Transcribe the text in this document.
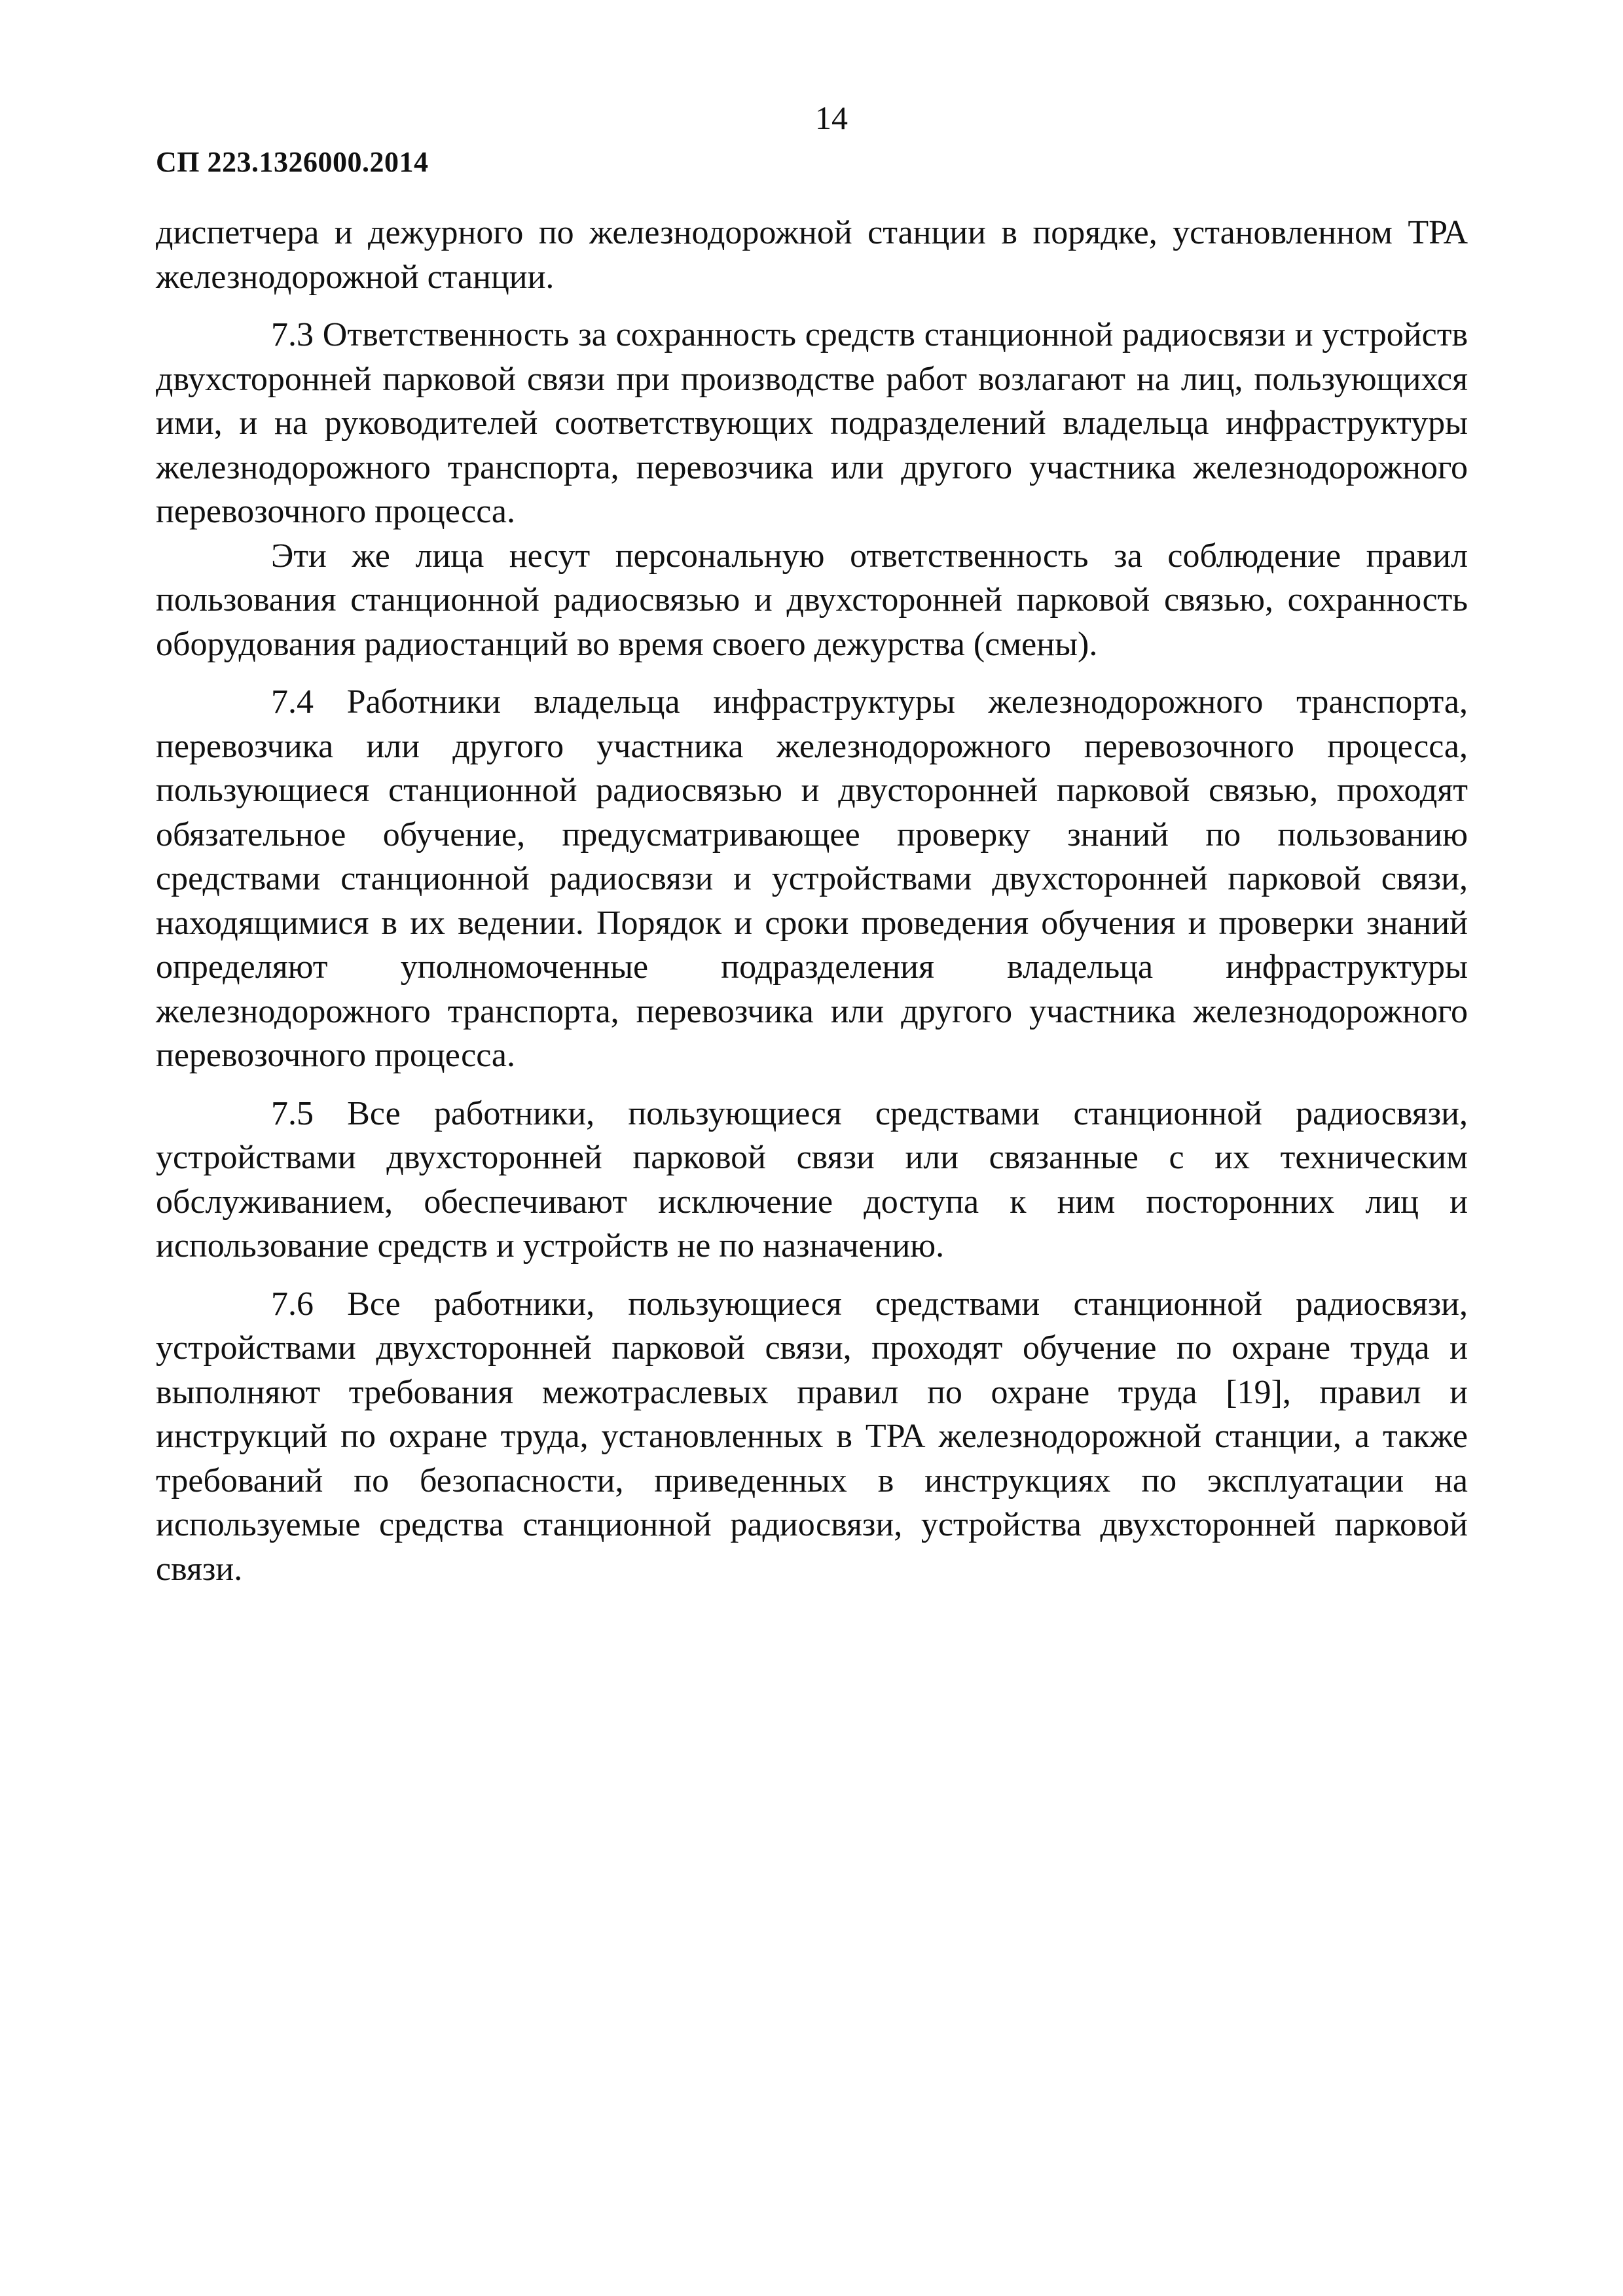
14
СП 223.1326000.2014

диспетчера и дежурного по железнодорожной станции в порядке, установленном ТРА железнодорожной станции.

7.3 Ответственность за сохранность средств станционной радиосвязи и устройств двухсторонней парковой связи при производстве работ возлагают на лиц, пользующихся ими, и на руководителей соответствующих подразделений владельца инфраструктуры железнодорожного транспорта, перевозчика или другого участника железнодорожного перевозочного процесса.

Эти же лица несут персональную ответственность за соблюдение правил пользования станционной радиосвязью и двухсторонней парковой связью, сохранность оборудования радиостанций во время своего дежурства (смены).

7.4 Работники владельца инфраструктуры железнодорожного транспорта, перевозчика или другого участника железнодорожного перевозочного процесса, пользующиеся станционной радиосвязью и двусторонней парковой связью, проходят обязательное обучение, предусматривающее проверку знаний по пользованию средствами станционной радиосвязи и устройствами двухсторонней парковой связи, находящимися в их ведении. Порядок и сроки проведения обучения и проверки знаний определяют уполномоченные подразделения владельца инфраструктуры железнодорожного транспорта, перевозчика или другого участника железнодорожного перевозочного процесса.

7.5 Все работники, пользующиеся средствами станционной радиосвязи, устройствами двухсторонней парковой связи или связанные с их техническим обслуживанием, обеспечивают исключение доступа к ним посторонних лиц и использование средств и устройств не по назначению.

7.6 Все работники, пользующиеся средствами станционной радиосвязи, устройствами двухсторонней парковой связи, проходят обучение по охране труда и выполняют требования межотраслевых правил по охране труда [19], правил и инструкций по охране труда, установленных в ТРА железнодорожной станции, а также требований по безопасности, приведенных в инструкциях по эксплуатации на используемые средства станционной радиосвязи, устройства двухсторонней парковой связи.
